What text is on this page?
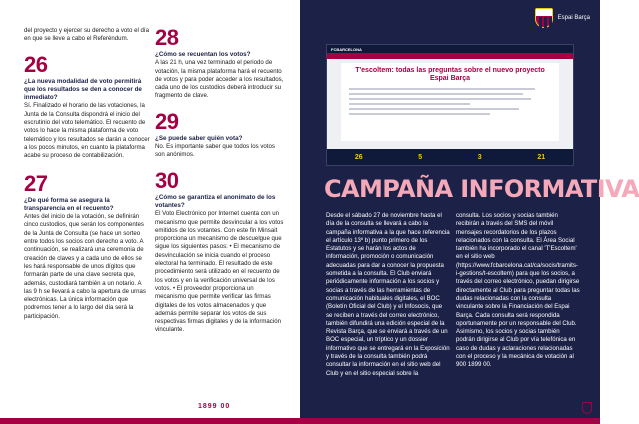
del proyecto y ejercer su derecho a voto el día en que se lleve a cabo el Referéndum.

26

¿La nueva modalidad de voto permitirá que los resultados se den a conocer de inmediato?

Sí. Finalizado el horario de las votaciones, la Junta de la Consulta dispondrá el inicio del escrutinio del voto telemático. El recuento de votos lo hace la misma plataforma de voto telemático y los resultados se darán a conocer a los pocos minutos, en cuanto la plataforma acabe su proceso de contabilización.

27

¿De qué forma se asegura la transparencia en el recuento?

Antes del inicio de la votación, se definirán cinco custodios, que serán los componentes de la Junta de Consulta (se hace un sorteo entre todos los socios con derecho a voto. A continuación, se realizará una ceremonia de creación de claves y a cada uno de ellos se les hará responsable de unos dígitos que formarán parte de una clave secreta que, además, custodiará también a un notario. A las 9 h se llevará a cabo la apertura de urnas electrónicas. La única información que podremos tener a lo largo del día será la participación.

28

¿Cómo se recuentan los votos?

A las 21 h, una vez terminado el periodo de votación, la misma plataforma hará el recuento de votos y para poder acceder a los resultados, cada uno de los custodios deberá introducir su fragmento de clave.

29

¿Se puede saber quién vota?

No. Es importante saber que todos los votos son anónimos.

30

¿Cómo se garantiza el anonimato de los votantes?

El Voto Electrónico por Internet cuenta con un mecanismo que permite desvincular a los votos emitidos de los votantes. Con este fin Minsait proporciona un mecanismo de descuelgue que sigue los siguientes pasos: • El mecanismo de desvinculación se inicia cuando el proceso electoral ha terminado. El resultado de este procedimiento será utilizado en el recuento de los votos y en la verificación universal de los votos. • El proveedor proporciona un mecanismo que permite verificar las firmas digitales de los votos almacenados y que además permite separar los votos de sus respectivas firmas digitales y de la información vinculante.

1899 00
Espai Barça
FCBARCELONA
T'escoltem: todas las preguntas sobre el nuevo proyecto Espai Barça
26	5	3	21
CAMPAÑA INFORMATIVA

Desde el sábado 27 de noviembre hasta el día de la consulta se llevará a cabo la campaña informativa a la que hace referencia el artículo 13º b) punto primero de los Estatutos y se harán los actos de información, promoción o comunicación adecuadas para dar a conocer la propuesta sometida a la consulta. El Club enviará periódicamente información a los socios y socias a través de las herramientas de comunicación habituales digitales, el BOC (Boletín Oficial del Club) y el Infosocis, que se reciben a través del correo electrónico, también difundirá una edición especial de la Revista Barça, que se enviará a través de un BOC especial, un tríptico y un dossier informativo que se entregará en la Exposición y través de la consulta también podrá consultar la información en el sitio web del Club y en el sitio especial sobre la

consulta. Los socios y socias también recibirán a través del SMS del móvil mensajes recordatorios de los plazos relacionados con la consulta. El Área Social también ha incorporado el canal 'T'Escoltem' en el sitio web (https://www.fcbarcelona.cat/ca/socis/tramits-i-gestions/t-escoltem) para que los socios, a través del correo electrónico, puedan dirigirse directamente al Club para preguntar todas las dudas relacionadas con la consulta vinculante sobre la Financiación del Espai Barça. Cada consulta será respondida oportunamente por un responsable del Club. Asimismo, los socios y socias también podrán dirigirse al Club por vía telefónica en caso de dudas y aclaraciones relacionadas con el proceso y la mecánica de votación al 900 1899 00.
